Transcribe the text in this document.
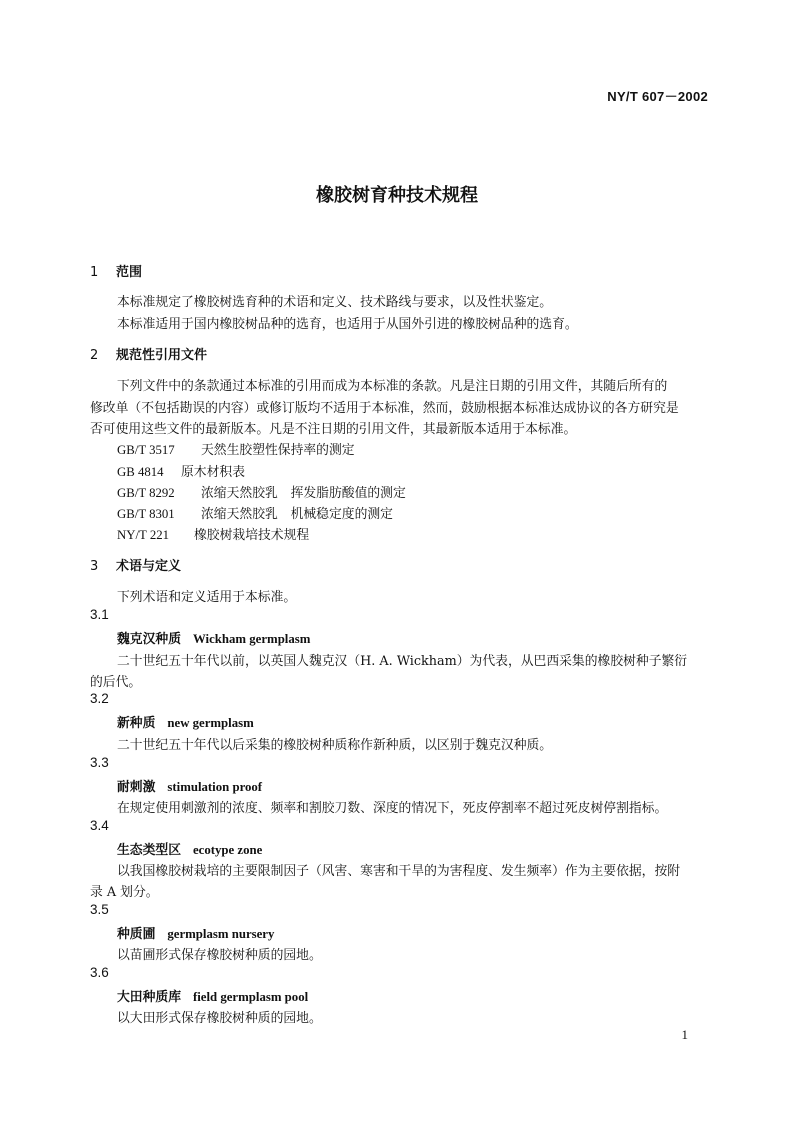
NY/T 607－2002
橡胶树育种技术规程
1 范围
本标准规定了橡胶树选育种的术语和定义、技术路线与要求，以及性状鉴定。
本标准适用于国内橡胶树品种的选育，也适用于从国外引进的橡胶树品种的选育。
2 规范性引用文件
下列文件中的条款通过本标准的引用而成为本标准的条款。凡是注日期的引用文件，其随后所有的
修改单（不包括勘误的内容）或修订版均不适用于本标准，然而，鼓励根据本标准达成协议的各方研究是
否可使用这些文件的最新版本。凡是不注日期的引用文件，其最新版本适用于本标准。
GB/T 3517 天然生胶塑性保持率的测定
GB 4814 原木材积表
GB/T 8292 浓缩天然胶乳　挥发脂肪酸值的测定
GB/T 8301 浓缩天然胶乳　机械稳定度的测定
NY/T 221 橡胶树栽培技术规程
3 术语与定义
下列术语和定义适用于本标准。
3.1
魏克汉种质 Wickham germplasm
二十世纪五十年代以前，以英国人魏克汉（H. A. Wickham）为代表，从巴西采集的橡胶树种子繁衍
的后代。
3.2
新种质 new germplasm
二十世纪五十年代以后采集的橡胶树种质称作新种质，以区别于魏克汉种质。
3.3
耐刺激 stimulation proof
在规定使用刺激剂的浓度、频率和割胶刀数、深度的情况下，死皮停割率不超过死皮树停割指标。
3.4
生态类型区 ecotype zone
以我国橡胶树栽培的主要限制因子（风害、寒害和干旱的为害程度、发生频率）作为主要依据，按附
录 A 划分。
3.5
种质圃 germplasm nursery
以苗圃形式保存橡胶树种质的园地。
3.6
大田种质库 field germplasm pool
以大田形式保存橡胶树种质的园地。
1
